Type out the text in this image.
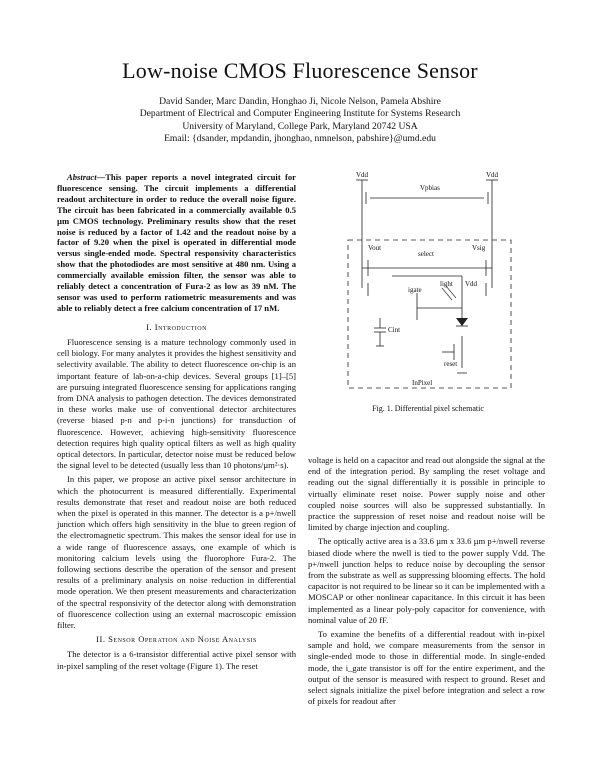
Low-noise CMOS Fluorescence Sensor
David Sander, Marc Dandin, Honghao Ji, Nicole Nelson, Pamela Abshire
Department of Electrical and Computer Engineering Institute for Systems Research
University of Maryland, College Park, Maryland 20742 USA
Email: {dsander, mpdandin, jhonghao, nmnelson, pabshire}@umd.edu

Abstract—This paper reports a novel integrated circuit for fluorescence sensing. The circuit implements a differential readout architecture in order to reduce the overall noise figure. The circuit has been fabricated in a commercially available 0.5 µm CMOS technology. Preliminary results show that the reset noise is reduced by a factor of 1.42 and the readout noise by a factor of 9.20 when the pixel is operated in differential mode versus single-ended mode. Spectral responsivity characteristics show that the photodiodes are most sensitive at 480 nm. Using a commercially available emission filter, the sensor was able to reliably detect a concentration of Fura-2 as low as 39 nM. The sensor was used to perform ratiometric measurements and was able to reliably detect a free calcium concentration of 17 nM.

I. Introduction

Fluorescence sensing is a mature technology commonly used in cell biology. For many analytes it provides the highest sensitivity and selectivity available. The ability to detect fluorescence on-chip is an important feature of lab-on-a-chip devices. Several groups [1]–[5] are pursuing integrated fluorescence sensing for applications ranging from DNA analysis to pathogen detection. The devices demonstrated in these works make use of conventional detector architectures (reverse biased p-n and p-i-n junctions) for transduction of fluorescence. However, achieving high-sensitivity fluorescence detection requires high quality optical filters as well as high quality optical detectors. In particular, detector noise must be reduced below the signal level to be detected (usually less than 10 photons/µm²·s).

In this paper, we propose an active pixel sensor architecture in which the photocurrent is measured differentially. Experimental results demonstrate that reset and readout noise are both reduced when the pixel is operated in this manner. The detector is a p+/nwell junction which offers high sensitivity in the blue to green region of the electromagnetic spectrum. This makes the sensor ideal for use in a wide range of fluorescence assays, one example of which is monitoring calcium levels using the fluorophore Fura-2. The following sections describe the operation of the sensor and present results of a preliminary analysis on noise reduction in differential mode operation. We then present measurements and characterization of the spectral responsivity of the detector along with demonstration of fluorescence collection using an external macroscopic emission filter.

II. Sensor Operation and Noise Analysis

The detector is a 6-transistor differential active pixel sensor with in-pixel sampling of the reset voltage (Figure 1). The reset

Vdd	Vdd
Vpbias
Vout	Vsig
select
light Vdd
igate
Cint
reset
InPixel
Fig. 1. Differential pixel schematic

voltage is held on a capacitor and read out alongside the signal at the end of the integration period. By sampling the reset voltage and reading out the signal differentially it is possible in principle to virtually eliminate reset noise. Power supply noise and other coupled noise sources will also be suppressed substantially. In practice the suppression of reset noise and readout noise will be limited by charge injection and coupling.

The optically active area is a 33.6 µm x 33.6 µm p+/nwell reverse biased diode where the nwell is tied to the power supply Vdd. The p+/nwell junction helps to reduce noise by decoupling the sensor from the substrate as well as suppressing blooming effects. The hold capacitor is not required to be linear so it can be implemented with a MOSCAP or other nonlinear capacitance. In this circuit it has been implemented as a linear poly-poly capacitor for convenience, with nominal value of 20 fF.

To examine the benefits of a differential readout with in-pixel sample and hold, we compare measurements from the sensor in single-ended mode to those in differential mode. In single-ended mode, the i_gate transistor is off for the entire experiment, and the output of the sensor is measured with respect to ground. Reset and select signals initialize the pixel before integration and select a row of pixels for readout after
